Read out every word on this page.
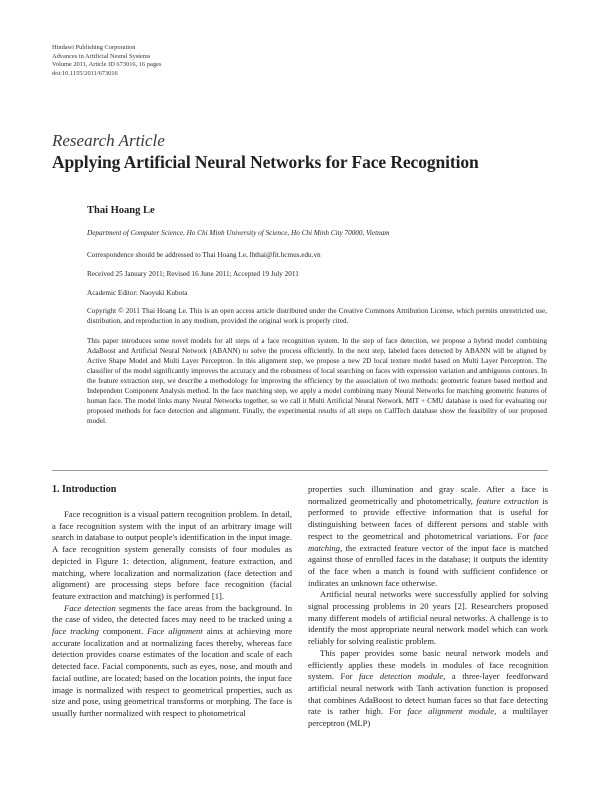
Hindawi Publishing Corporation
Advances in Artificial Neural Systems
Volume 2011, Article ID 673016, 16 pages
doi:10.1155/2011/673016
Research Article
Applying Artificial Neural Networks for Face Recognition
Thai Hoang Le
Department of Computer Science, Ho Chi Minh University of Science, Ho Chi Minh City 70000, Vietnam
Correspondence should be addressed to Thai Hoang Le, lhthai@fit.hcmus.edu.vn
Received 25 January 2011; Revised 16 June 2011; Accepted 19 July 2011
Academic Editor: Naoyuki Kubota
Copyright © 2011 Thai Hoang Le. This is an open access article distributed under the Creative Commons Attribution License, which permits unrestricted use, distribution, and reproduction in any medium, provided the original work is properly cited.
This paper introduces some novel models for all steps of a face recognition system. In the step of face detection, we propose a hybrid model combining AdaBoost and Artificial Neural Network (ABANN) to solve the process efficiently. In the next step, labeled faces detected by ABANN will be aligned by Active Shape Model and Multi Layer Perceptron. In this alignment step, we propose a new 2D local texture model based on Multi Layer Perceptron. The classifier of the model significantly improves the accuracy and the robustness of local searching on faces with expression variation and ambiguous contours. In the feature extraction step, we describe a methodology for improving the efficiency by the association of two methods: geometric feature based method and Independent Component Analysis method. In the face matching step, we apply a model combining many Neural Networks for matching geometric features of human face. The model links many Neural Networks together, so we call it Multi Artificial Neural Network. MIT + CMU database is used for evaluating our proposed methods for face detection and alignment. Finally, the experimental results of all steps on CallTech database show the feasibility of our proposed model.
1. Introduction

Face recognition is a visual pattern recognition problem. In detail, a face recognition system with the input of an arbitrary image will search in database to output people's identification in the input image. A face recognition system generally consists of four modules as depicted in Figure 1: detection, alignment, feature extraction, and matching, where localization and normalization (face detection and alignment) are processing steps before face recognition (facial feature extraction and matching) is performed [1].

Face detection segments the face areas from the background. In the case of video, the detected faces may need to be tracked using a face tracking component. Face alignment aims at achieving more accurate localization and at normalizing faces thereby, whereas face detection provides coarse estimates of the location and scale of each detected face. Facial components, such as eyes, nose, and mouth and facial outline, are located; based on the location points, the input face image is normalized with respect to geometrical properties, such as size and pose, using geometrical transforms or morphing. The face is usually further normalized with respect to photometrical

properties such illumination and gray scale. After a face is normalized geometrically and photometrically, feature extraction is performed to provide effective information that is useful for distinguishing between faces of different persons and stable with respect to the geometrical and photometrical variations. For face matching, the extracted feature vector of the input face is matched against those of enrolled faces in the database; it outputs the identity of the face when a match is found with sufficient confidence or indicates an unknown face otherwise.

Artificial neural networks were successfully applied for solving signal processing problems in 20 years [2]. Researchers proposed many different models of artificial neural networks. A challenge is to identify the most appropriate neural network model which can work reliably for solving realistic problem.

This paper provides some basic neural network models and efficiently applies these models in modules of face recognition system. For face detection module, a three-layer feedforward artificial neural network with Tanh activation function is proposed that combines AdaBoost to detect human faces so that face detecting rate is rather high. For face alignment module, a multilayer perceptron (MLP)
